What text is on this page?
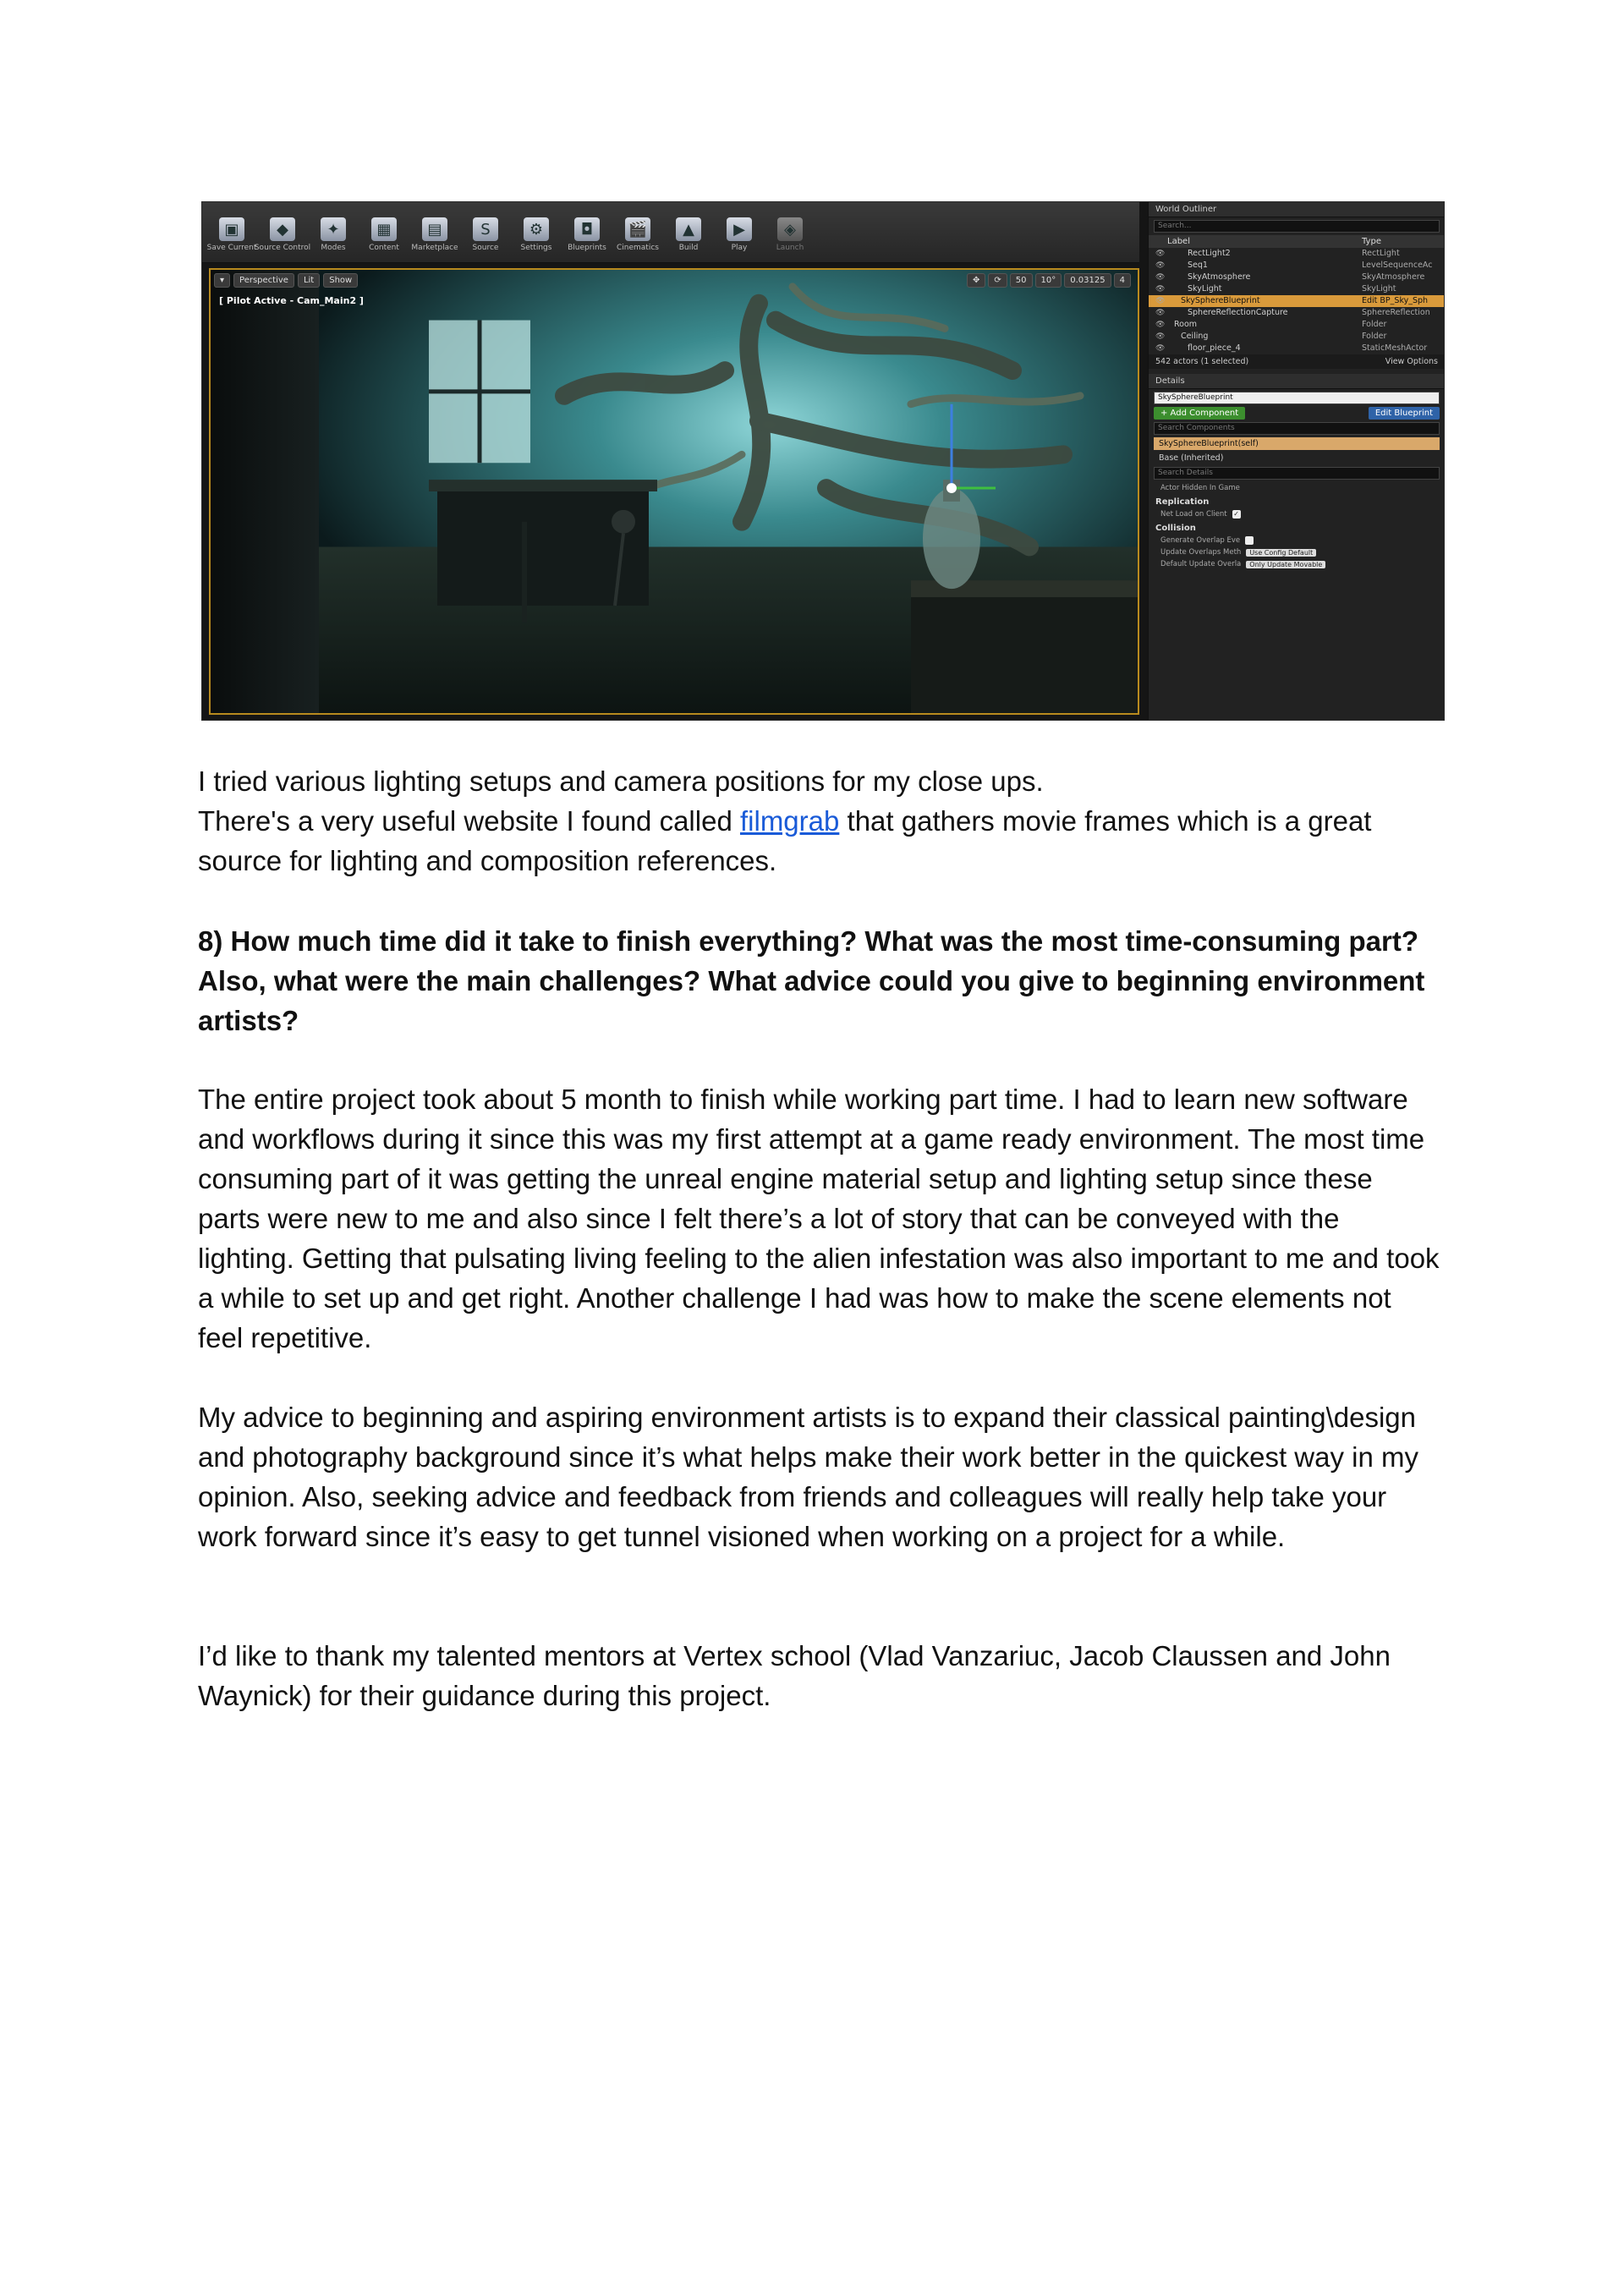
▣
Save Current
◆
Source Control
✦
Modes
▦
Content
▤
Marketplace
S
Source
⚙
Settings
◘
Blueprints
🎬
Cinematics
▲
Build
▶
Play
◈
Launch
▾	Perspective	Lit	Show
[ Pilot Active - Cam_Main2 ]
✥	⟳	50	10°	0.03125	4
World Outliner
Search...
Label	Type
👁	RectLight2	RectLight
👁	Seq1	LevelSequenceAc
👁	SkyAtmosphere	SkyAtmosphere
👁	SkyLight	SkyLight
👁	SkySphereBlueprint	Edit BP_Sky_Sph
👁	SphereReflectionCapture	SphereReflection
👁	Room	Folder
👁	Ceiling	Folder
👁	floor_piece_4	StaticMeshActor
542 actors (1 selected)	View Options
Details
SkySphereBlueprint
+ Add Component	Edit Blueprint
Search Components
SkySphereBlueprint(self)
Base (Inherited)
Search Details
Actor Hidden In Game
Replication
Net Load on Client ✓
Collision
Generate Overlap Eve
Update Overlaps Meth	Use Config Default
Default Update Overla	Only Update Movable

I tried various lighting setups and camera positions for my close ups.
There's a very useful website I found called filmgrab that gathers movie frames which is a great source for lighting and composition references.

8) How much time did it take to finish everything? What was the most time-consuming part? Also, what were the main challenges? What advice could you give to beginning environment artists?

The entire project took about 5 month to finish while working part time. I had to learn new software and workflows during it since this was my first attempt at a game ready environment. The most time consuming part of it was getting the unreal engine material setup and lighting setup since these parts were new to me and also since I felt there’s a lot of story that can be conveyed with the lighting. Getting that pulsating living feeling to the alien infestation was also important to me and took a while to set up and get right. Another challenge I had was how to make the scene elements not feel repetitive.

My advice to beginning and aspiring environment artists is to expand their classical painting\design and photography background since it’s what helps make their work better in the quickest way in my opinion. Also, seeking advice and feedback from friends and colleagues will really help take your work forward since it’s easy to get tunnel visioned when working on a project for a while.

I’d like to thank my talented mentors at Vertex school (Vlad Vanzariuc, Jacob Claussen and John Waynick) for their guidance during this project.
